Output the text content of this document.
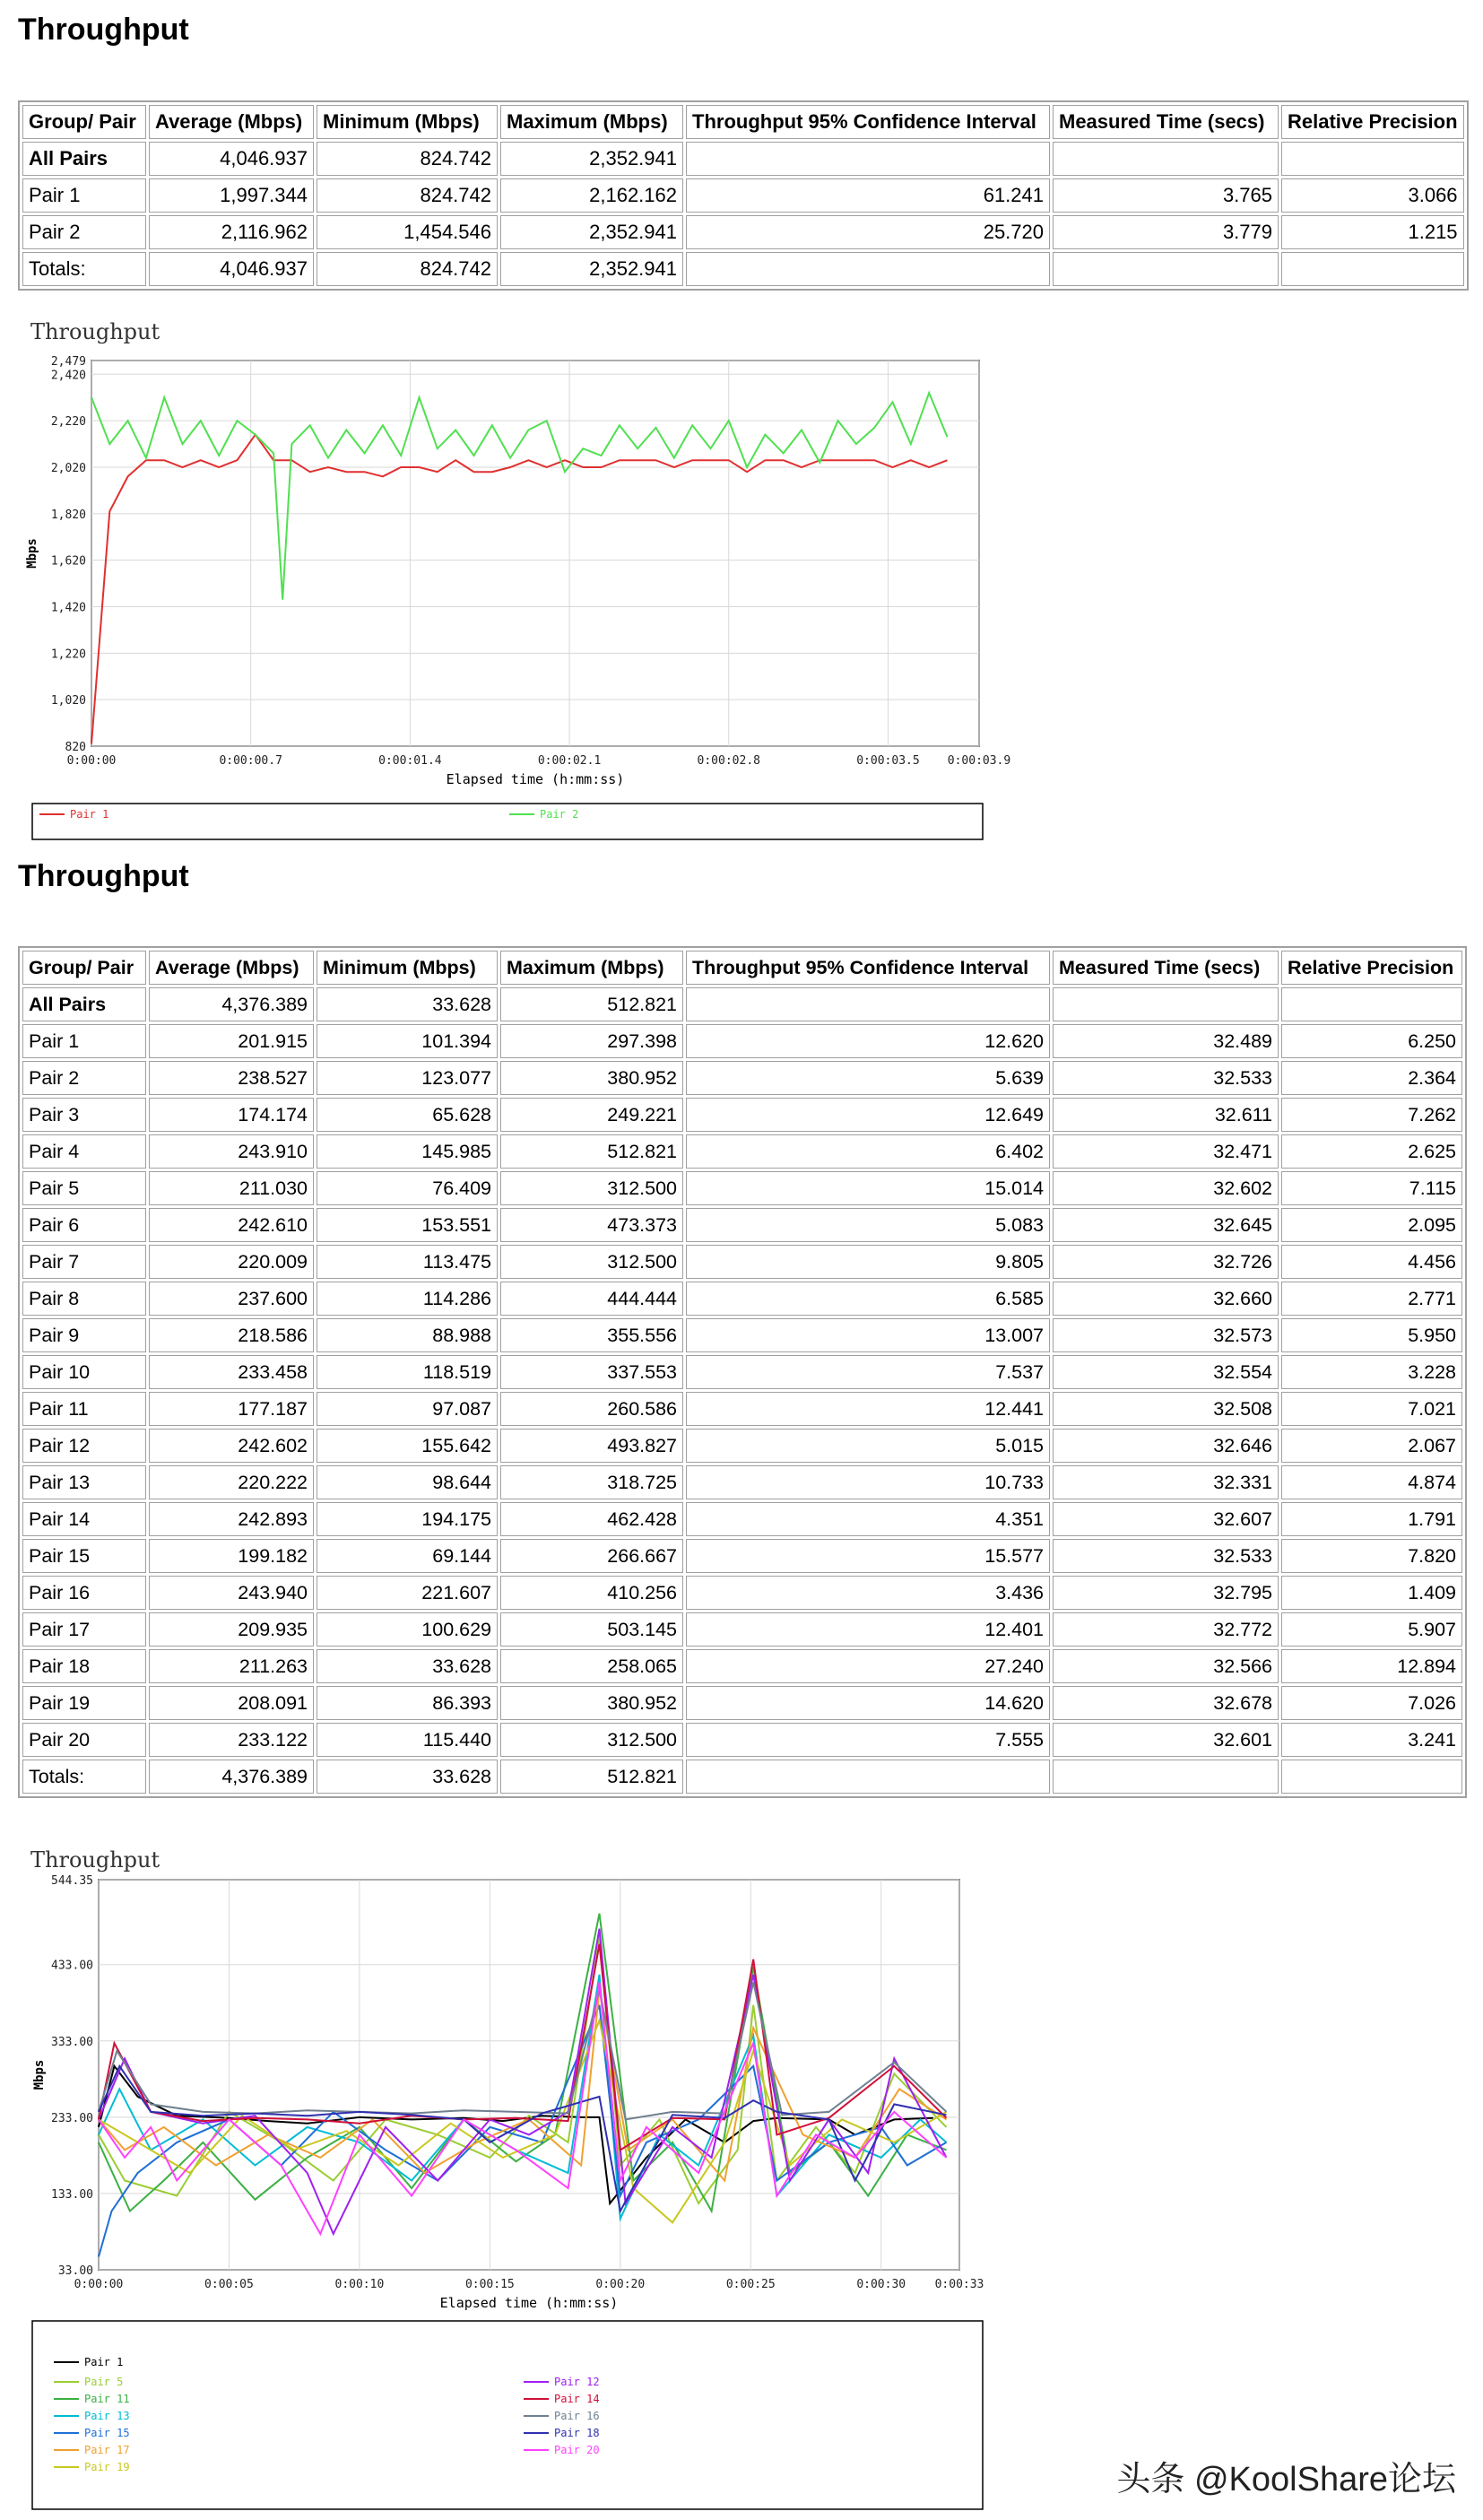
Throughput
Group/ Pair	Average (Mbps)	Minimum (Mbps)	Maximum (Mbps)	Throughput 95% Confidence Interval	Measured Time (secs)	Relative Precision
All Pairs	4,046.937	824.742	2,352.941			
Pair 1	1,997.344	824.742	2,162.162	61.241	3.765	3.066
Pair 2	2,116.962	1,454.546	2,352.941	25.720	3.779	1.215
Totals:	4,046.937	824.742	2,352.941			
Throughput
820
1,020
1,220
1,420
1,620
1,820
2,020
2,220
2,420
2,479
0:00:00	0:00:00.7	0:00:01.4	0:00:02.1	0:00:02.8	0:00:03.5 0:00:03.9
Elapsed time (h:mm:ss)
Mbps
Pair 1	Pair 2
Throughput
Group/ Pair	Average (Mbps)	Minimum (Mbps)	Maximum (Mbps)	Throughput 95% Confidence Interval	Measured Time (secs)	Relative Precision
All Pairs	4,376.389	33.628	512.821			
Pair 1	201.915	101.394	297.398	12.620	32.489	6.250
Pair 2	238.527	123.077	380.952	5.639	32.533	2.364
Pair 3	174.174	65.628	249.221	12.649	32.611	7.262
Pair 4	243.910	145.985	512.821	6.402	32.471	2.625
Pair 5	211.030	76.409	312.500	15.014	32.602	7.115
Pair 6	242.610	153.551	473.373	5.083	32.645	2.095
Pair 7	220.009	113.475	312.500	9.805	32.726	4.456
Pair 8	237.600	114.286	444.444	6.585	32.660	2.771
Pair 9	218.586	88.988	355.556	13.007	32.573	5.950
Pair 10	233.458	118.519	337.553	7.537	32.554	3.228
Pair 11	177.187	97.087	260.586	12.441	32.508	7.021
Pair 12	242.602	155.642	493.827	5.015	32.646	2.067
Pair 13	220.222	98.644	318.725	10.733	32.331	4.874
Pair 14	242.893	194.175	462.428	4.351	32.607	1.791
Pair 15	199.182	69.144	266.667	15.577	32.533	7.820
Pair 16	243.940	221.607	410.256	3.436	32.795	1.409
Pair 17	209.935	100.629	503.145	12.401	32.772	5.907
Pair 18	211.263	33.628	258.065	27.240	32.566	12.894
Pair 19	208.091	86.393	380.952	14.620	32.678	7.026
Pair 20	233.122	115.440	312.500	7.555	32.601	3.241
Totals:	4,376.389	33.628	512.821			
Throughput
33.00
133.00
233.00
333.00
433.00
544.35
0:00:00	0:00:05	0:00:10	0:00:15	0:00:20	0:00:25	0:00:30 0:00:33
Elapsed time (h:mm:ss)
Mbps
Pair 1
Pair 5
Pair 11
Pair 13
Pair 15
Pair 17
Pair 19
Pair 12
Pair 14
Pair 16
Pair 18
Pair 20
头条 @KoolShare论坛
